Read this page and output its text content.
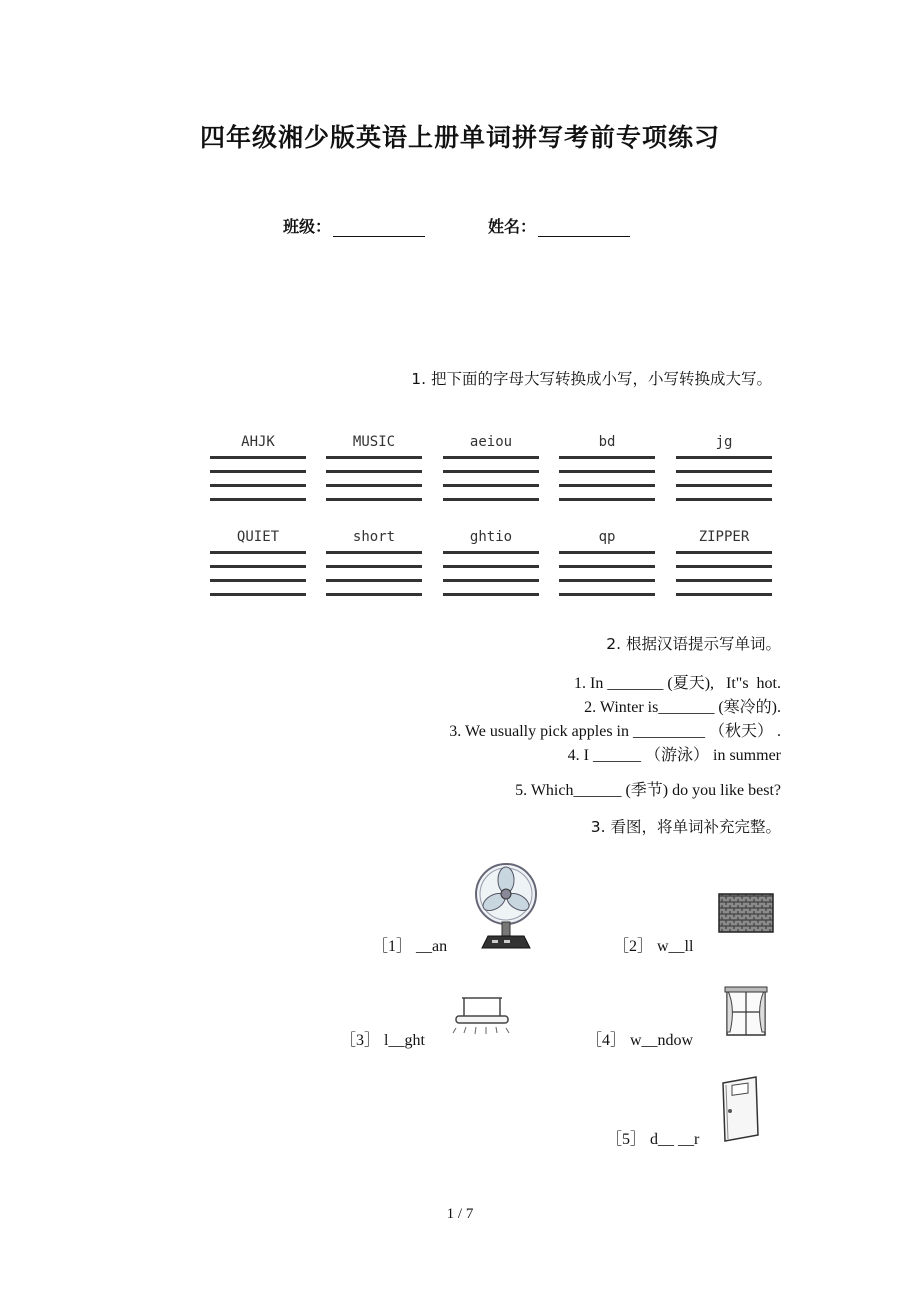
四年级湘少版英语上册单词拼写考前专项练习
班级：	姓名：
1. 把下面的字母大写转换成小写，小写转换成大写。
AHJK	MUSIC	aeiou	bd	jg
QUIET	short	ghtio	qp	ZIPPER
2. 根据汉语提示写单词。
1. In _______ (夏天),   It"s  hot.
2. Winter is_______ (寒冷的).
3. We usually pick apples in _________ （秋天） .
4. I ______ （游泳） in summer
5. Which______ (季节) do you like best?
3. 看图，将单词补充完整。
［1］ __an	［2］ w__ll
［3］ l__ght	［4］ w__ndow
［5］ d__ __r
1 / 7
